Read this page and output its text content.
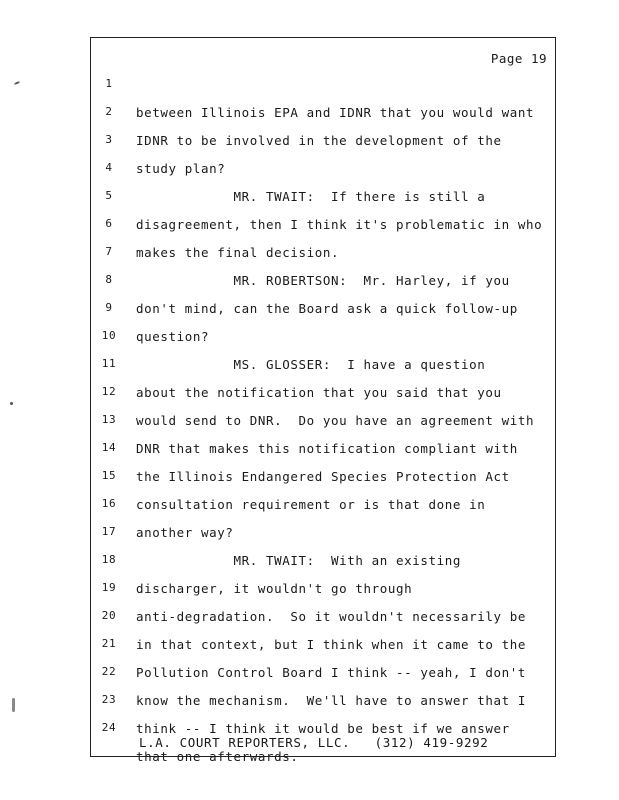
Page 19

1

between Illinois EPA and IDNR that you would want

2

IDNR to be involved in the development of the

3

study plan?

4

MR. TWAIT:  If there is still a

5

disagreement, then I think it's problematic in who

6

makes the final decision.

7

MR. ROBERTSON:  Mr. Harley, if you

8

don't mind, can the Board ask a quick follow-up

9

question?

10

MS. GLOSSER:  I have a question

11

about the notification that you said that you

12

would send to DNR.  Do you have an agreement with

13

DNR that makes this notification compliant with

14

the Illinois Endangered Species Protection Act

15

consultation requirement or is that done in

16

another way?

17

MR. TWAIT:  With an existing

18

discharger, it wouldn't go through

19

anti-degradation.  So it wouldn't necessarily be

20

in that context, but I think when it came to the

21

Pollution Control Board I think -- yeah, I don't

22

know the mechanism.  We'll have to answer that I

23

think -- I think it would be best if we answer

24

that one afterwards.

L.A. COURT REPORTERS, LLC.   (312) 419-9292
